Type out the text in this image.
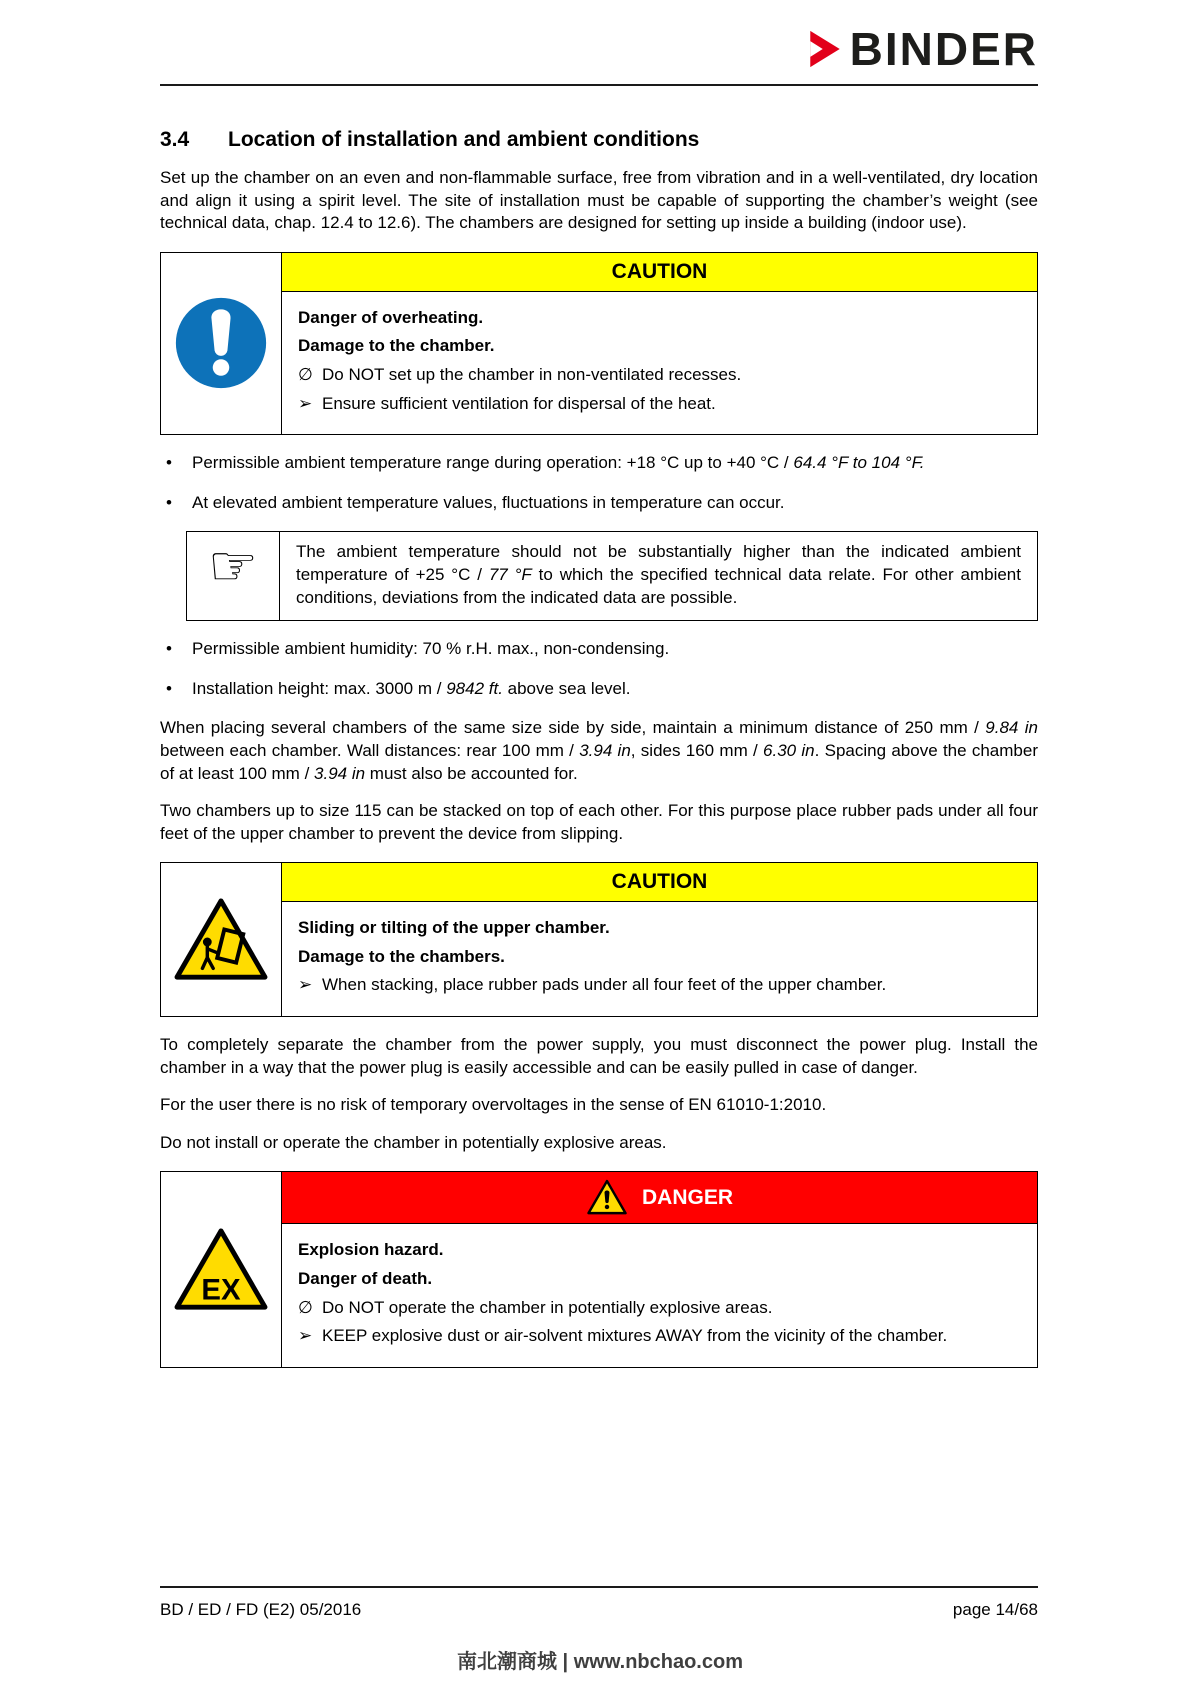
BINDER
3.4	Location of installation and ambient conditions

Set up the chamber on an even and non-flammable surface, free from vibration and in a well-ventilated, dry location and align it using a spirit level. The site of installation must be capable of supporting the chamber’s weight (see technical data, chap. 12.4 to 12.6). The chambers are designed for setting up inside a building (indoor use).

CAUTION
Danger of overheating.
Damage to the chamber.
∅ Do NOT set up the chamber in non-ventilated recesses.
➢ Ensure sufficient ventilation for dispersal of the heat.
•	Permissible ambient temperature range during operation: +18 °C up to +40 °C / 64.4 °F to 104 °F.
•	At elevated ambient temperature values, fluctuations in temperature can occur.
☞	The ambient temperature should not be substantially higher than the indicated ambient temperature of +25 °C / 77 °F to which the specified technical data relate. For other ambient conditions, deviations from the indicated data are possible.
•	Permissible ambient humidity: 70 % r.H. max., non-condensing.
•	Installation height: max. 3000 m / 9842 ft. above sea level.

When placing several chambers of the same size side by side, maintain a minimum distance of 250 mm / 9.84 in between each chamber. Wall distances: rear 100 mm / 3.94 in, sides 160 mm / 6.30 in. Spacing above the chamber of at least 100 mm / 3.94 in must also be accounted for.

Two chambers up to size 115 can be stacked on top of each other. For this purpose place rubber pads under all four feet of the upper chamber to prevent the device from slipping.

CAUTION
Sliding or tilting of the upper chamber.
Damage to the chambers.
➢ When stacking, place rubber pads under all four feet of the upper chamber.

To completely separate the chamber from the power supply, you must disconnect the power plug. Install the chamber in a way that the power plug is easily accessible and can be easily pulled in case of danger.

For the user there is no risk of temporary overvoltages in the sense of EN 61010-1:2010.

Do not install or operate the chamber in potentially explosive areas.

EX
DANGER
Explosion hazard.
Danger of death.
∅ Do NOT operate the chamber in potentially explosive areas.
➢ KEEP explosive dust or air-solvent mixtures AWAY from the vicinity of the chamber.
BD / ED / FD (E2) 05/2016	page 14/68
南北潮商城 | www.nbchao.com
